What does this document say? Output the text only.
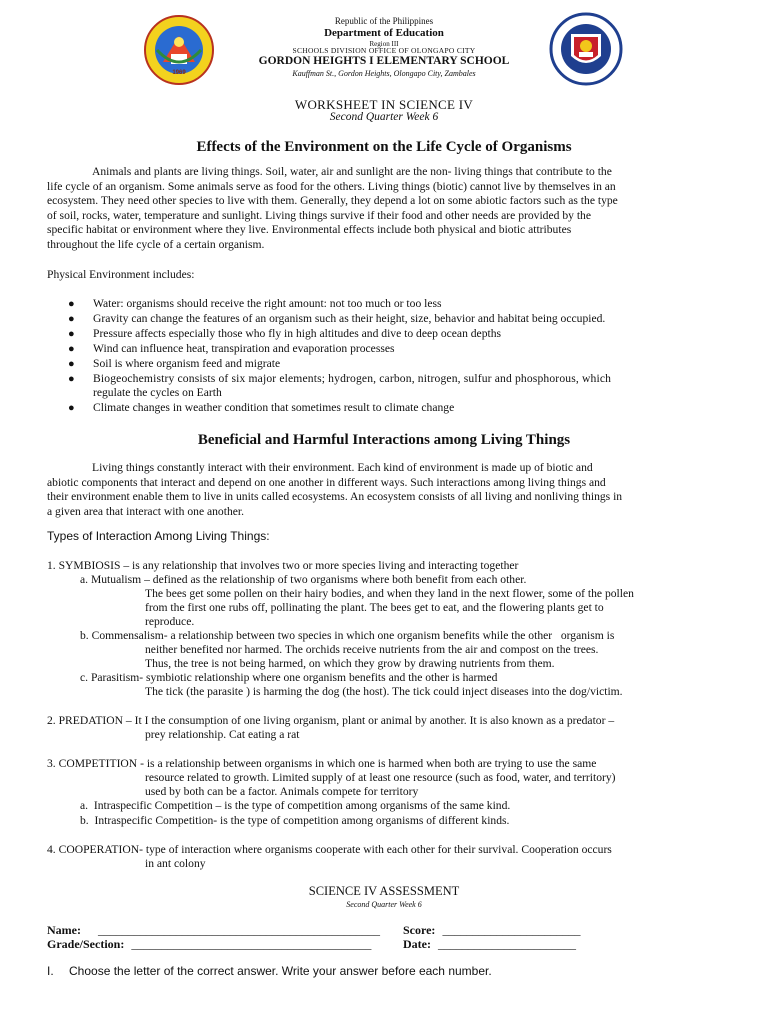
1969
Republic of the Philippines
Department of Education
Region III
SCHOOLS DIVISION OFFICE OF OLONGAPO CITY
GORDON HEIGHTS I ELEMENTARY SCHOOL
Kauffman St., Gordon Heights, Olongapo City, Zambales
WORKSHEET IN SCIENCE IV
Second Quarter Week 6
Effects of the Environment on the Life Cycle of Organisms
Animals and plants are living things. Soil, water, air and sunlight are the non- living things that contribute to the
life cycle of an organism. Some animals serve as food for the others. Living things (biotic) cannot live by themselves in an
ecosystem. They need other species to live with them. Generally, they depend a lot on some abiotic factors such as the type
of soil, rocks, water, temperature and sunlight. Living things survive if their food and other needs are provided by the
specific habitat or environment where they live. Environmental effects include both physical and biotic attributes
throughout the life cycle of a certain organism.
Physical Environment includes:
● Water: organisms should receive the right amount: not too much or too less
● Gravity can change the features of an organism such as their height, size, behavior and habitat being occupied.
● Pressure affects especially those who fly in high altitudes and dive to deep ocean depths
● Wind can influence heat, transpiration and evaporation processes
● Soil is where organism feed and migrate
● Biogeochemistry consists of six major elements; hydrogen, carbon, nitrogen, sulfur and phosphorous, which
regulate the cycles on Earth
● Climate changes in weather condition that sometimes result to climate change
Beneficial and Harmful Interactions among Living Things
Living things constantly interact with their environment. Each kind of environment is made up of biotic and
abiotic components that interact and depend on one another in different ways. Such interactions among living things and
their environment enable them to live in units called ecosystems. An ecosystem consists of all living and nonliving things in
a given area that interact with one another.
Types of Interaction Among Living Things:
1. SYMBIOSIS – is any relationship that involves two or more species living and interacting together
a. Mutualism – defined as the relationship of two organisms where both benefit from each other.
The bees get some pollen on their hairy bodies, and when they land in the next flower, some of the pollen
from the first one rubs off, pollinating the plant. The bees get to eat, and the flowering plants get to
reproduce.
b. Commensalism- a relationship between two species in which one organism benefits while the other   organism is
neither benefited nor harmed. The orchids receive nutrients from the air and compost on the trees.
Thus, the tree is not being harmed, on which they grow by drawing nutrients from them.
c. Parasitism- symbiotic relationship where one organism benefits and the other is harmed
The tick (the parasite ) is harming the dog (the host). The tick could inject diseases into the dog/victim.
2. PREDATION – It I the consumption of one living organism, plant or animal by another. It is also known as a predator –
prey relationship. Cat eating a rat
3. COMPETITION - is a relationship between organisms in which one is harmed when both are trying to use the same
resource related to growth. Limited supply of at least one resource (such as food, water, and territory)
used by both can be a factor. Animals compete for territory
a.  Intraspecific Competition – is the type of competition among organisms of the same kind.
b.  Intraspecific Competition- is the type of competition among organisms of different kinds.
4. COOPERATION- type of interaction where organisms cooperate with each other for their survival. Cooperation occurs
in ant colony
SCIENCE IV ASSESSMENT
Second Quarter Week 6
Name: _______________________________________________ Score: _______________________
Grade/Section: ________________________________________	Date: _______________________
I. Choose the letter of the correct answer. Write your answer before each number.
